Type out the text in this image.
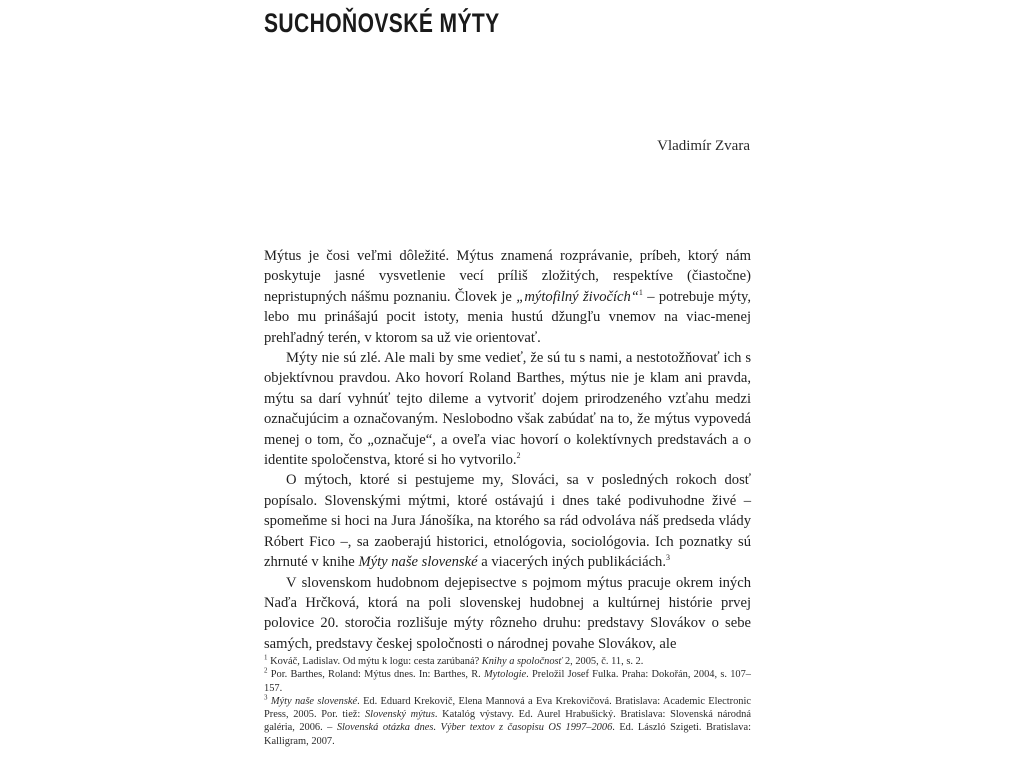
SUCHOŇOVSKÉ MÝTY
Vladimír Zvara

Mýtus je čosi veľmi dôležité. Mýtus znamená rozprávanie, príbeh, ktorý nám poskytuje jasné vysvetlenie vecí príliš zložitých, respektíve (čiastočne) nepristupných nášmu poznaniu. Človek je „mýtofilný živočích“$^1$ – potrebuje mýty, lebo mu prinášajú pocit istoty, menia hustú džungľu vnemov na viac-menej prehľadný terén, v ktorom sa už vie orientovať.

Mýty nie sú zlé. Ale mali by sme vedieť, že sú tu s nami, a nestotožňovať ich s objektívnou pravdou. Ako hovorí Roland Barthes, mýtus nie je klam ani pravda, mýtu sa darí vyhnúť tejto dileme a vytvoriť dojem prirodzeného vzťahu medzi označujúcim a označovaným. Neslobodno však zabúdať na to, že mýtus vypovedá menej o tom, čo „označuje“, a oveľa viac hovorí o kolektívnych predstavách a o identite spoločenstva, ktoré si ho vytvorilo.$^2$

O mýtoch, ktoré si pestujeme my, Slováci, sa v posledných rokoch dosť popísalo. Slovenskými mýtmi, ktoré ostávajú i dnes také podivuhodne živé – spomeňme si hoci na Jura Jánošíka, na ktorého sa rád odvoláva náš predseda vlády Róbert Fico –, sa zaoberajú historici, etnológovia, sociológovia. Ich poznatky sú zhrnuté v knihe Mýty naše slovenské a viacerých iných publikáciách.$^3$

V slovenskom hudobnom dejepisectve s pojmom mýtus pracuje okrem iných Naďa Hrčková, ktorá na poli slovenskej hudobnej a kultúrnej histórie prvej polovice 20. storočia rozlišuje mýty rôzneho druhu: predstavy Slovákov o sebe samých, predstavy českej spoločnosti o národnej povahe Slovákov, ale

$^1$ Kováč, Ladislav. Od mýtu k logu: cesta zarúbaná? Knihy a spoločnosť 2, 2005, č. 11, s. 2.

$^2$ Por. Barthes, Roland: Mýtus dnes. In: Barthes, R. Mytologie. Preložil Josef Fulka. Praha: Dokořán, 2004, s. 107–157.

$^3$ Mýty naše slovenské. Ed. Eduard Krekovič, Elena Mannová a Eva Krekovičová. Bratislava: Academic Electronic Press, 2005. Por. tiež: Slovenský mýtus. Katalóg výstavy. Ed. Aurel Hrabušický. Bratislava: Slovenská národná galéria, 2006. – Slovenská otázka dnes. Výber textov z časopisu OS 1997–2006. Ed. László Szigeti. Bratislava: Kalligram, 2007.
